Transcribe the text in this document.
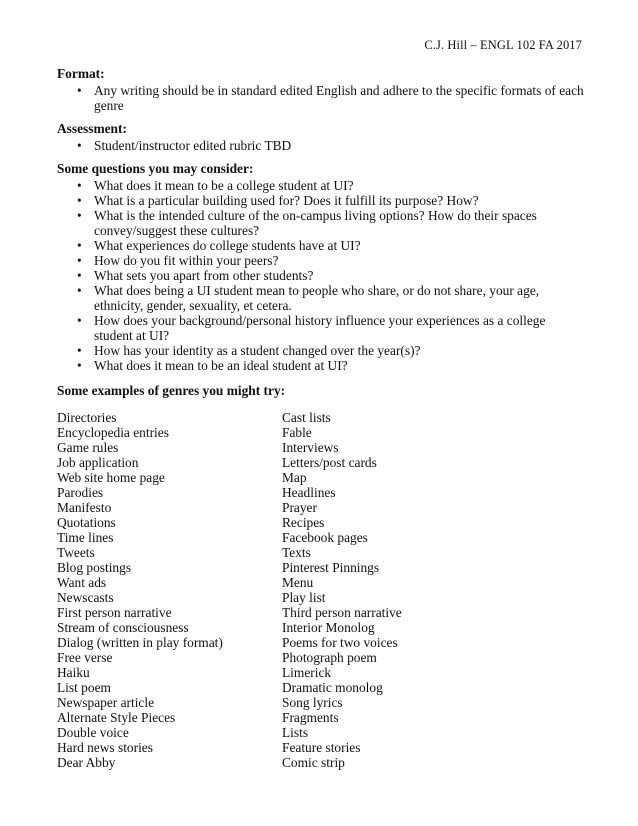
C.J. Hill – ENGL 102 FA 2017

Format:

• Any writing should be in standard edited English and adhere to the specific formats of each genre

Assessment:

• Student/instructor edited rubric TBD

Some questions you may consider:

• What does it mean to be a college student at UI?
• What is a particular building used for? Does it fulfill its purpose? How?
• What is the intended culture of the on-campus living options? How do their spaces convey/suggest these cultures?
• What experiences do college students have at UI?
• How do you fit within your peers?
• What sets you apart from other students?
• What does being a UI student mean to people who share, or do not share, your age, ethnicity, gender, sexuality, et cetera.
• How does your background/personal history influence your experiences as a college student at UI?
• How has your identity as a student changed over the year(s)?
• What does it mean to be an ideal student at UI?

Some examples of genres you might try:

Directories
Encyclopedia entries
Game rules
Job application
Web site home page
Parodies
Manifesto
Quotations
Time lines
Tweets
Blog postings
Want ads
Newscasts
First person narrative
Stream of consciousness
Dialog (written in play format)
Free verse
Haiku
List poem
Newspaper article
Alternate Style Pieces
Double voice
Hard news stories
Dear Abby
Cast lists
Fable
Interviews
Letters/post cards
Map
Headlines
Prayer
Recipes
Facebook pages
Texts
Pinterest Pinnings
Menu
Play list
Third person narrative
Interior Monolog
Poems for two voices
Photograph poem
Limerick
Dramatic monolog
Song lyrics
Fragments
Lists
Feature stories
Comic strip
